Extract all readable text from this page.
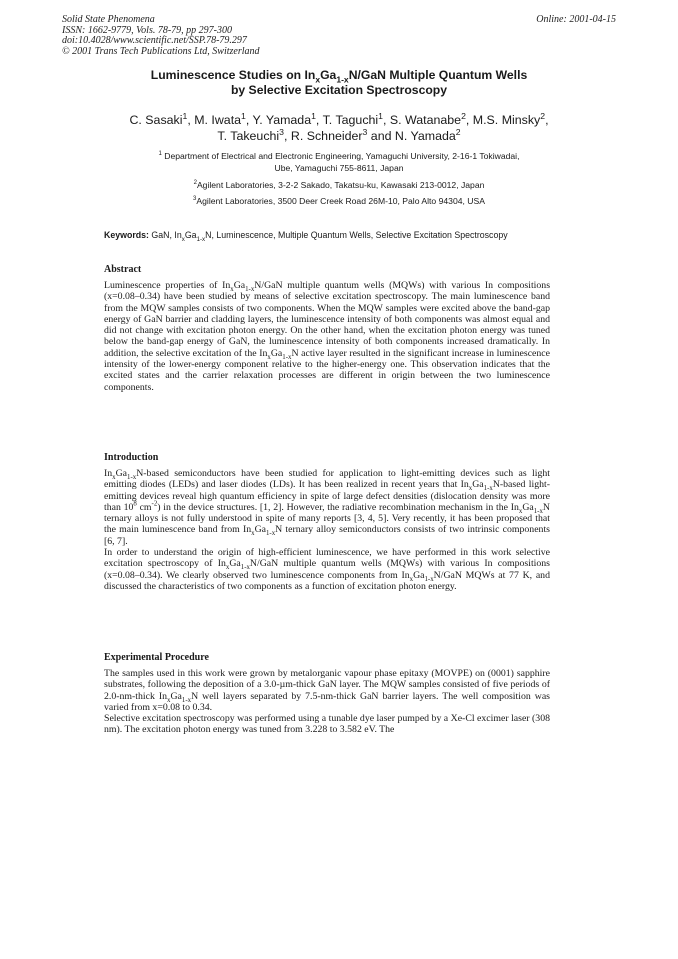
Solid State Phenomena
ISSN: 1662-9779, Vols. 78-79, pp 297-300
doi:10.4028/www.scientific.net/SSP.78-79.297
© 2001 Trans Tech Publications Ltd, Switzerland
Online: 2001-04-15
Luminescence Studies on $In_xGa_{1-x}N$/GaN Multiple Quantum Wells
by Selective Excitation Spectroscopy
C. Sasaki$^1$, M. Iwata$^1$, Y. Yamada$^1$, T. Taguchi$^1$, S. Watanabe$^2$, M.S. Minsky$^2$,
T. Takeuchi$^3$, R. Schneider$^3$ and N. Yamada$^2$
$^1$ Department of Electrical and Electronic Engineering, Yamaguchi University, 2-16-1 Tokiwadai,
Ube, Yamaguchi 755-8611, Japan
$^2$Agilent Laboratories, 3-2-2 Sakado, Takatsu-ku, Kawasaki 213-0012, Japan
$^3$Agilent Laboratories, 3500 Deer Creek Road 26M-10, Palo Alto 94304, USA
Keywords: GaN, $In_xGa_{1-x}N$, Luminescence, Multiple Quantum Wells, Selective Excitation Spectroscopy
Abstract

Luminescence properties of $In_xGa_{1-x}N$/GaN multiple quantum wells (MQWs) with various In compositions (x=0.08–0.34) have been studied by means of selective excitation spectroscopy. The main luminescence band from the MQW samples consists of two components. When the MQW samples were excited above the band-gap energy of GaN barrier and cladding layers, the luminescence intensity of both components was almost equal and did not change with excitation photon energy. On the other hand, when the excitation photon energy was tuned below the band-gap energy of GaN, the luminescence intensity of both components increased dramatically. In addition, the selective excitation of the $In_xGa_{1-x}N$ active layer resulted in the significant increase in luminescence intensity of the lower-energy component relative to the higher-energy one. This observation indicates that the excited states and the carrier relaxation processes are different in origin between the two luminescence components.

Introduction

$In_xGa_{1-x}N$-based semiconductors have been studied for application to light-emitting devices such as light emitting diodes (LEDs) and laser diodes (LDs). It has been realized in recent years that $In_xGa_{1-x}N$-based light-emitting devices reveal high quantum efficiency in spite of large defect densities (dislocation density was more than $10^8$ $cm^{-2}$) in the device structures. [1, 2]. However, the radiative recombination mechanism in the $In_xGa_{1-x}N$ ternary alloys is not fully understood in spite of many reports [3, 4, 5]. Very recently, it has been proposed that the main luminescence band from $In_xGa_{1-x}N$ ternary alloy semiconductors consists of two intrinsic components [6, 7].

In order to understand the origin of high-efficient luminescence, we have performed in this work selective excitation spectroscopy of $In_xGa_{1-x}N$/GaN multiple quantum wells (MQWs) with various In compositions (x=0.08–0.34). We clearly observed two luminescence components from $In_xGa_{1-x}N$/GaN MQWs at 77 K, and discussed the characteristics of two components as a function of excitation photon energy.

Experimental Procedure

The samples used in this work were grown by metalorganic vapour phase epitaxy (MOVPE) on (0001) sapphire substrates, following the deposition of a 3.0-µm-thick GaN layer. The MQW samples consisted of five periods of 2.0-nm-thick $In_xGa_{1-x}N$ well layers separated by 7.5-nm-thick GaN barrier layers. The well composition was varied from x=0.08 to 0.34.

Selective excitation spectroscopy was performed using a tunable dye laser pumped by a Xe-Cl excimer laser (308 nm). The excitation photon energy was tuned from 3.228 to 3.582 eV. The
